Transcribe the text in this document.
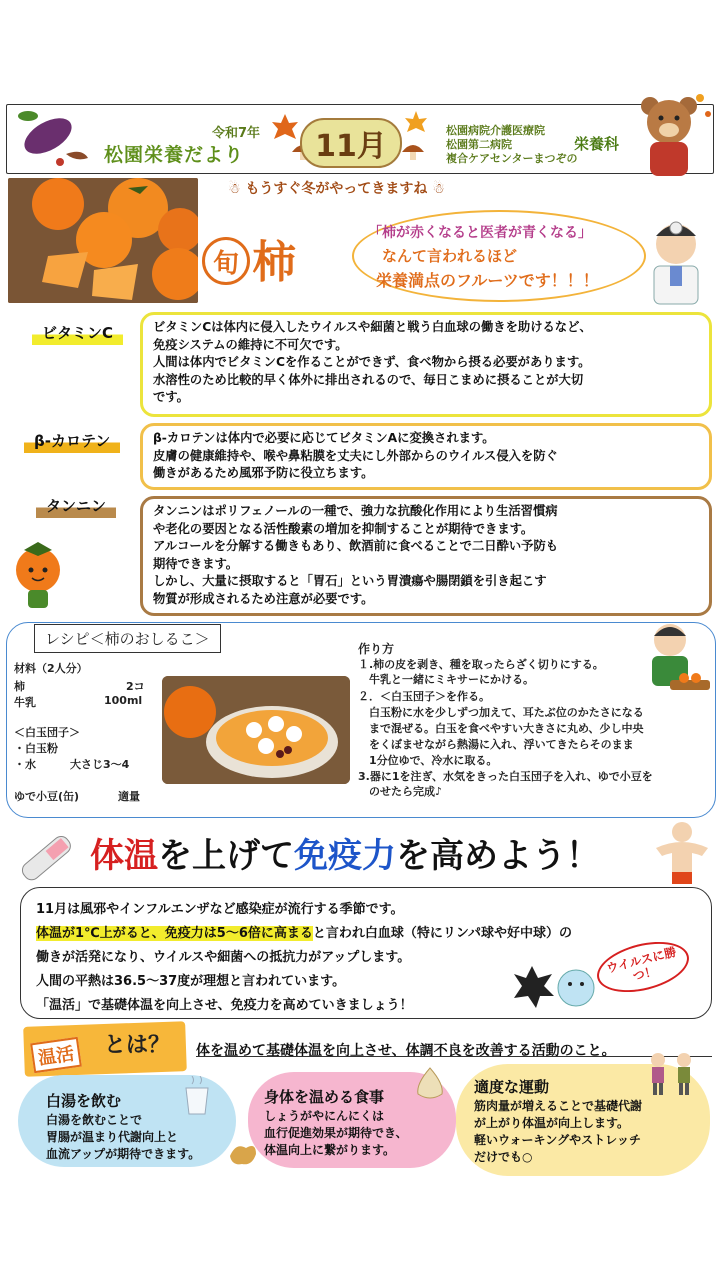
令和7年
松園栄養だより	11月	松園病院介護医療院
松園第二病院
複合ケアセンターまつぞの
栄養科
☃ もうすぐ冬がやってきますね ☃
旬 柿
「柿が赤くなると医者が青くなる」
なんて言われるほど
栄養満点のフルーツです！！！
ビタミンC	ビタミンCは体内に侵入したウイルスや細菌と戦う白血球の働きを助けるなど、
免疫システムの維持に不可欠です。
人間は体内でビタミンCを作ることができず、食べ物から摂る必要があります。
水溶性のため比較的早く体外に排出されるので、毎日こまめに摂ることが大切
です。
β-カロテン	β-カロテンは体内で必要に応じてビタミンAに変換されます。
皮膚の健康維持や、喉や鼻粘膜を丈夫にし外部からのウイルス侵入を防ぐ
働きがあるため風邪予防に役立ちます。
タンニン	タンニンはポリフェノールの一種で、強力な抗酸化作用により生活習慣病
や老化の要因となる活性酸素の増加を抑制することが期待できます。
アルコールを分解する働きもあり、飲酒前に食べることで二日酔い予防も
期待できます。
しかし、大量に摂取すると「胃石」という胃潰瘍や腸閉鎖を引き起こす
物質が形成されるため注意が必要です。
レシピ＜柿のおしるこ＞
材料（2人分）
柿	2コ
牛乳	100ml
＜白玉団子＞
・白玉粉
・水	大さじ3～4
ゆで小豆(缶)	適量
作り方
１.柿の皮を剥き、種を取ったらざく切りにする。
　牛乳と一緒にミキサーにかける。
２．＜白玉団子＞を作る。
　白玉粉に水を少しずつ加えて、耳たぶ位のかたさになる
　まで混ぜる。白玉を食べやすい大きさに丸め、少し中央
　をくぼませながら熱湯に入れ、浮いてきたらそのまま
　1分位ゆで、冷水に取る。
3.器に1を注ぎ、水気をきった白玉団子を入れ、ゆで小豆を
　のせたら完成♪
体温を上げて免疫力を高めよう！
11月は風邪やインフルエンザなど感染症が流行する季節です。
体温が1℃上がると、免疫力は5～6倍に高まると言われ白血球（特にリンパ球や好中球）の
働きが活発になり、ウイルスや細菌への抵抗力がアップします。
人間の平熱は36.5～37度が理想と言われています。
「温活」で基礎体温を向上させ、免疫力を高めていきましょう！
ウイルスに勝つ！
温活 とは？ 体を温めて基礎体温を向上させ、体調不良を改善する活動のこと。
白湯を飲む
白湯を飲むことで
胃腸が温まり代謝向上と
血流アップが期待できます。
身体を温める食事
しょうがやにんにくは
血行促進効果が期待でき、
体温向上に繋がります。
適度な運動
筋肉量が増えることで基礎代謝
が上がり体温が向上します。
軽いウォーキングやストレッチ
だけでも○
